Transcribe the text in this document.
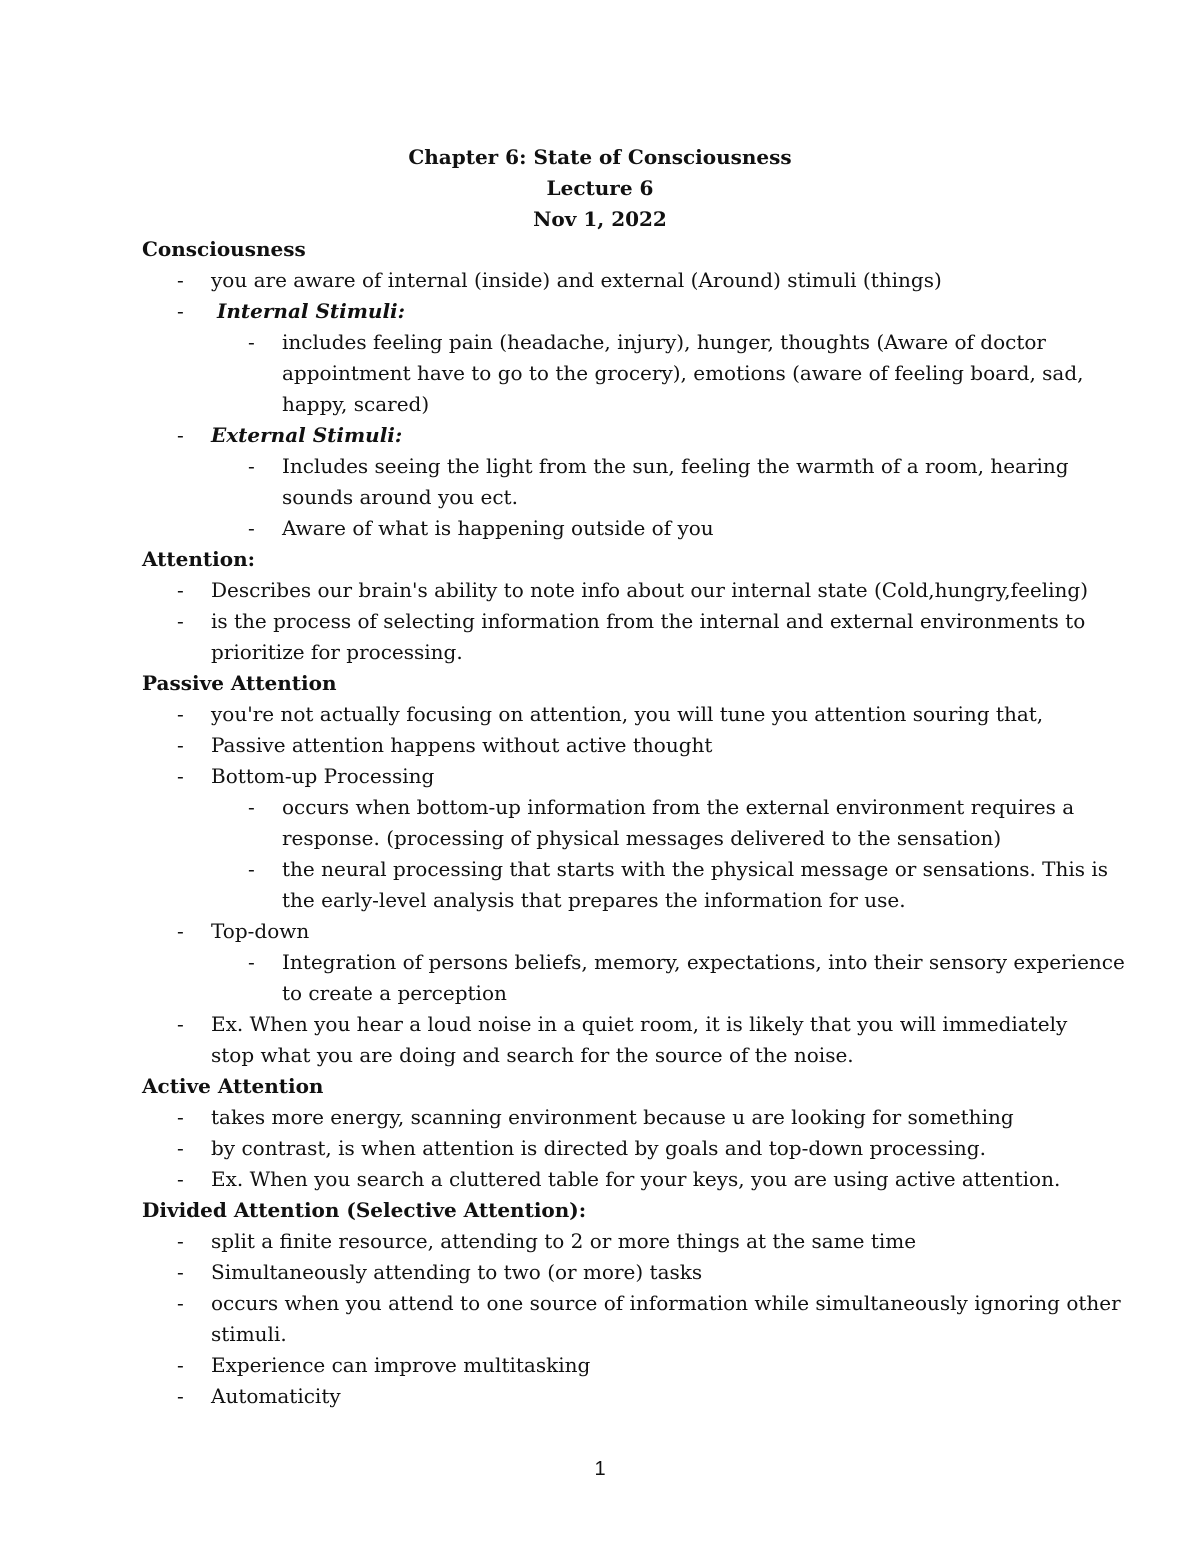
Chapter 6: State of Consciousness
Lecture 6
Nov 1, 2022
Consciousness
- you are aware of internal (inside) and external (Around) stimuli (things)
- Internal Stimuli:
- includes feeling pain (headache, injury), hunger, thoughts (Aware of doctor
appointment have to go to the grocery), emotions (aware of feeling board, sad,
happy, scared)
- External Stimuli:
- Includes seeing the light from the sun, feeling the warmth of a room, hearing
sounds around you ect.
- Aware of what is happening outside of you
Attention:
- Describes our brain's ability to note info about our internal state (Cold,hungry,feeling)
- is the process of selecting information from the internal and external environments to
prioritize for processing.
Passive Attention
- you're not actually focusing on attention, you will tune you attention souring that,
- Passive attention happens without active thought
- Bottom-up Processing
- occurs when bottom-up information from the external environment requires a
response. (processing of physical messages delivered to the sensation)
- the neural processing that starts with the physical message or sensations. This is
the early-level analysis that prepares the information for use.
- Top-down
- Integration of persons beliefs, memory, expectations, into their sensory experience
to create a perception
- Ex. When you hear a loud noise in a quiet room, it is likely that you will immediately
stop what you are doing and search for the source of the noise.
Active Attention
- takes more energy, scanning environment because u are looking for something
- by contrast, is when attention is directed by goals and top-down processing.
- Ex. When you search a cluttered table for your keys, you are using active attention.
Divided Attention (Selective Attention):
- split a finite resource, attending to 2 or more things at the same time
- Simultaneously attending to two (or more) tasks
- occurs when you attend to one source of information while simultaneously ignoring other
stimuli.
- Experience can improve multitasking
- Automaticity
1
